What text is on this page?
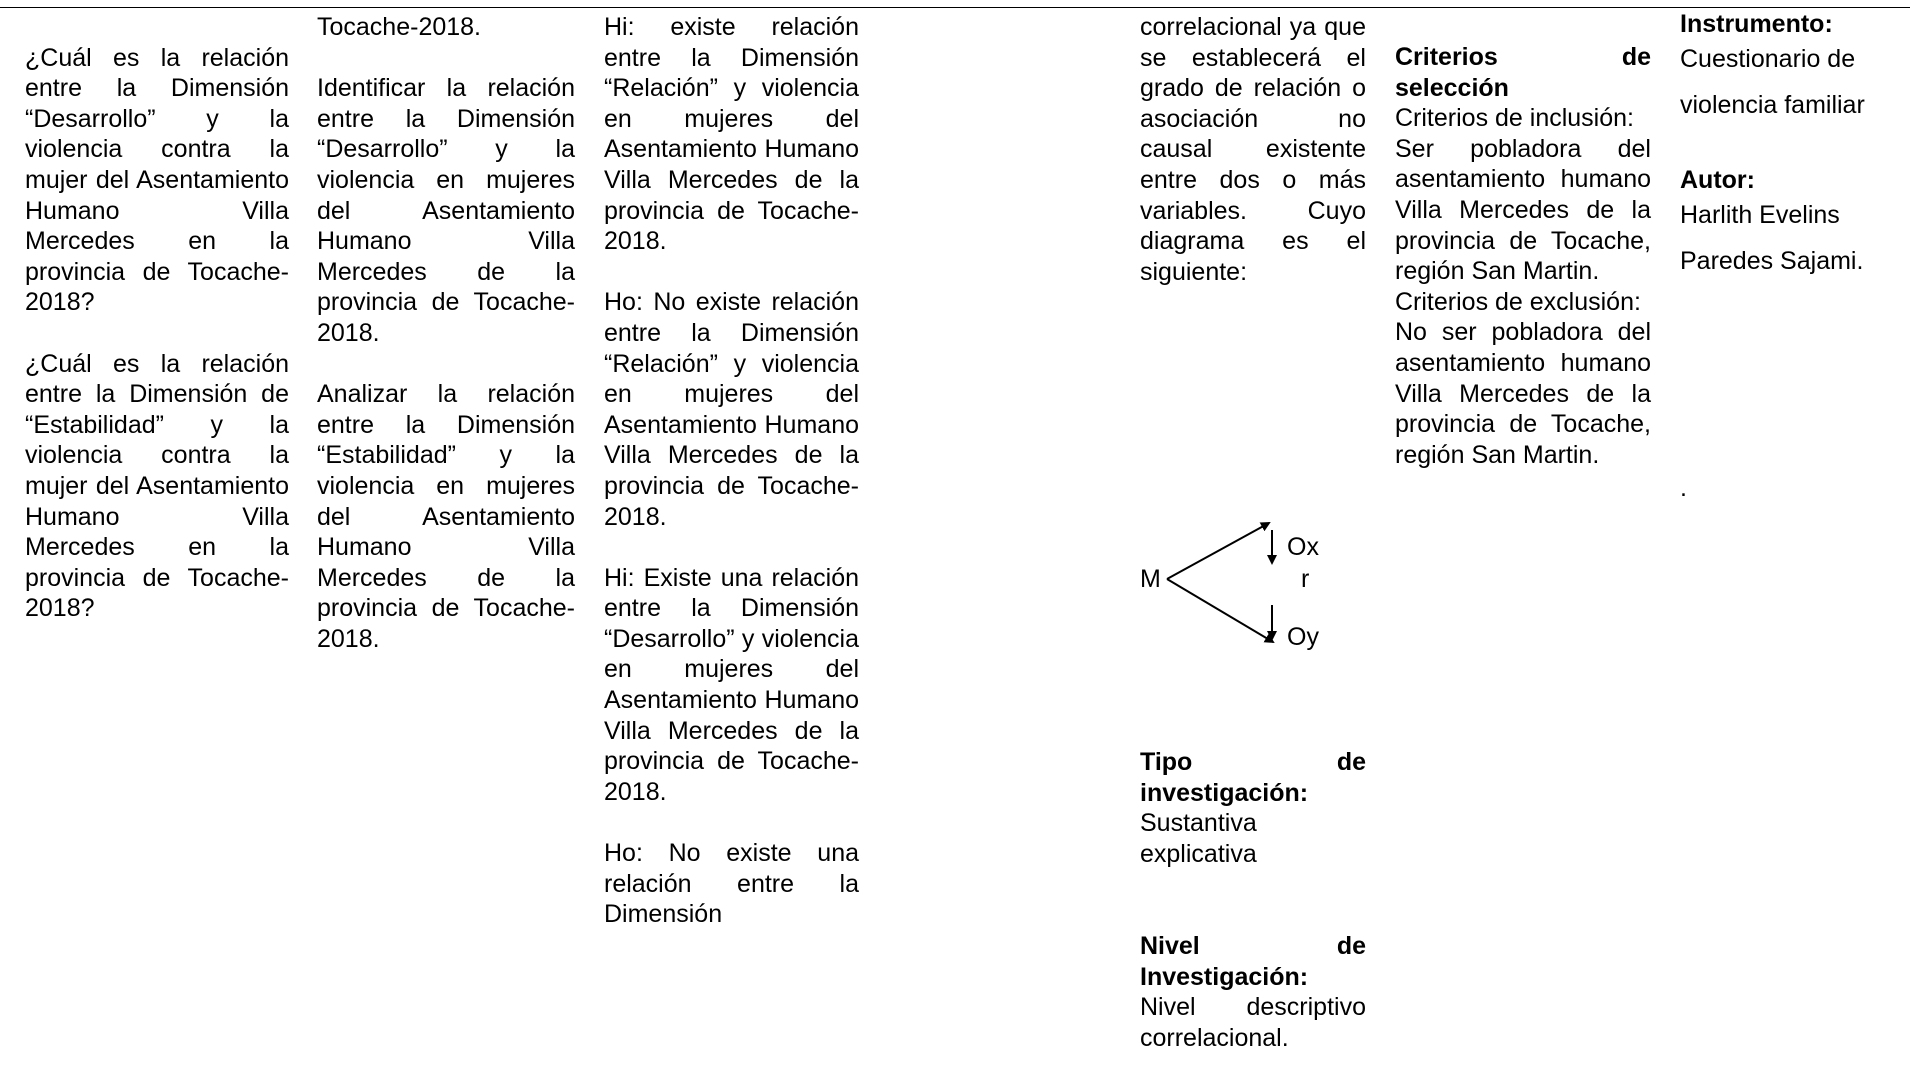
¿Cuál es la relación entre la Dimensión “Desarrollo” y la violencia contra la mujer del Asentamiento Humano Villa Mercedes en la provincia de Tocache-2018?

¿Cuál es la relación entre la Dimensión de “Estabilidad” y la violencia contra la mujer del Asentamiento Humano Villa Mercedes en la provincia de Tocache-2018?

Tocache-2018.

Identificar la relación entre la Dimensión “Desarrollo” y la violencia en mujeres del Asentamiento Humano Villa Mercedes de la provincia de Tocache-2018.

Analizar la relación entre la Dimensión “Estabilidad” y la violencia en mujeres del Asentamiento Humano Villa Mercedes de la provincia de Tocache-2018.

Hi: existe relación entre la Dimensión “Relación” y violencia en mujeres del Asentamiento Humano Villa Mercedes de la provincia de Tocache-2018.

Ho: No existe relación entre la Dimensión “Relación” y violencia en mujeres del Asentamiento Humano Villa Mercedes de la provincia de Tocache-2018.

Hi: Existe una relación entre la Dimensión “Desarrollo” y violencia en mujeres del Asentamiento Humano Villa Mercedes de la provincia de Tocache- 2018.

Ho: No existe una relación entre la Dimensión

correlacional ya que se establecerá el grado de relación o asociación no causal existente entre dos o más variables. Cuyo diagrama es el siguiente:

M

Ox

r

Oy

Tipo de investigación:

Sustantiva explicativa

Nivel de Investigación:

Nivel descriptivo correlacional.

Criterios de selección

Criterios de inclusión:

Ser pobladora del asentamiento humano Villa Mercedes de la provincia de Tocache, región San Martin.

Criterios de exclusión:

No ser pobladora del asentamiento humano Villa Mercedes de la provincia de Tocache, región San Martin.

Instrumento:

Cuestionario de

violencia familiar

Autor:

Harlith Evelins

Paredes Sajami.

.
